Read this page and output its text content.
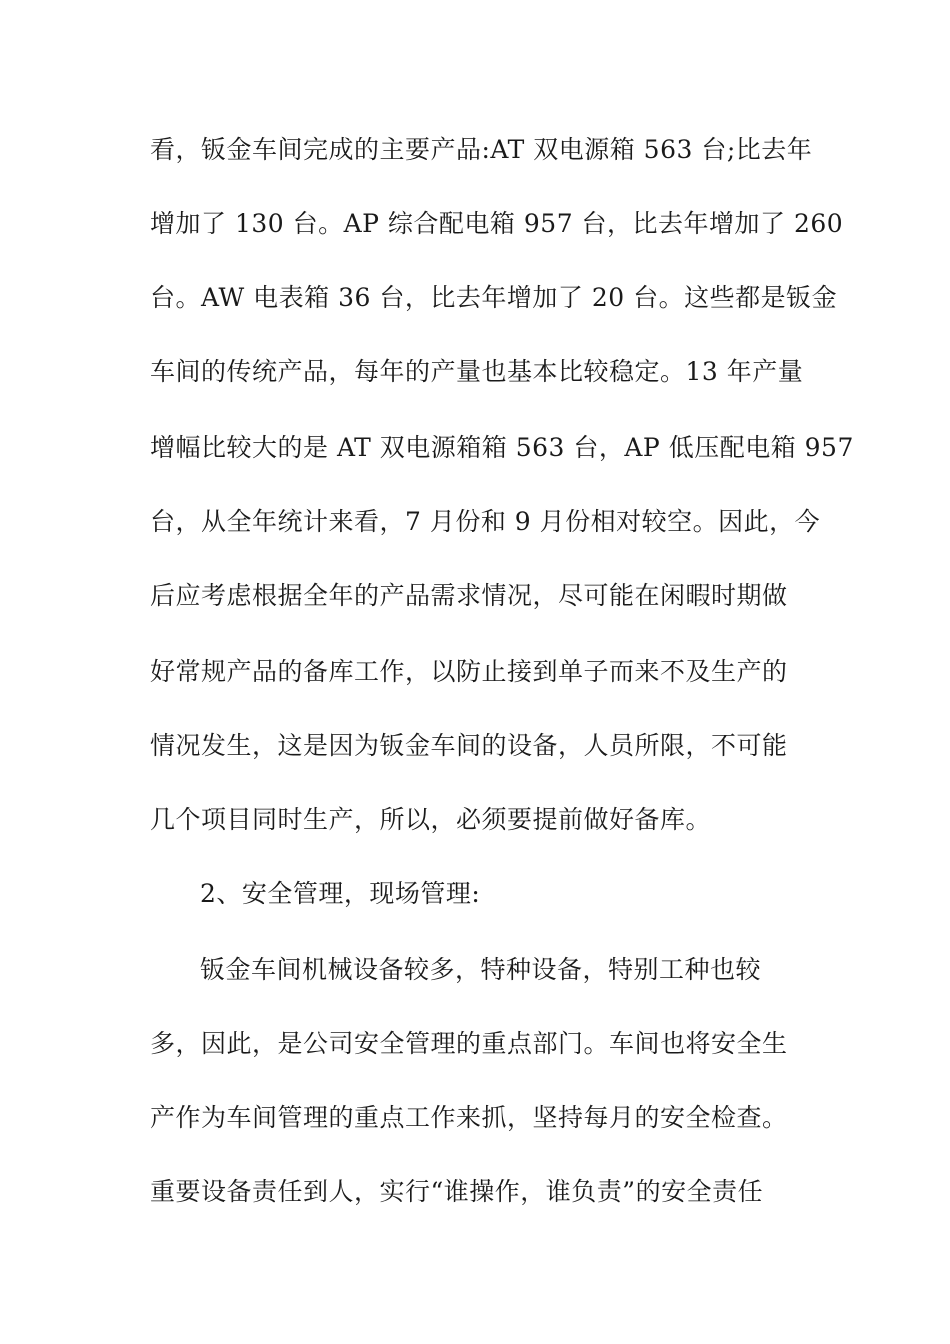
看，钣金车间完成的主要产品:AT 双电源箱 563 台;比去年
增加了 130 台。AP 综合配电箱 957 台，比去年增加了 260
台。AW 电表箱 36 台，比去年增加了 20 台。这些都是钣金
车间的传统产品，每年的产量也基本比较稳定。13 年产量
增幅比较大的是 AT 双电源箱箱 563 台，AP 低压配电箱 957
台，从全年统计来看，7 月份和 9 月份相对较空。因此，今
后应考虑根据全年的产品需求情况，尽可能在闲暇时期做
好常规产品的备库工作，以防止接到单子而来不及生产的
情况发生，这是因为钣金车间的设备，人员所限，不可能
几个项目同时生产，所以，必须要提前做好备库。
2、安全管理，现场管理:
钣金车间机械设备较多，特种设备，特别工种也较
多，因此，是公司安全管理的重点部门。车间也将安全生
产作为车间管理的重点工作来抓，坚持每月的安全检查。
重要设备责任到人，实行“谁操作，谁负责”的安全责任
